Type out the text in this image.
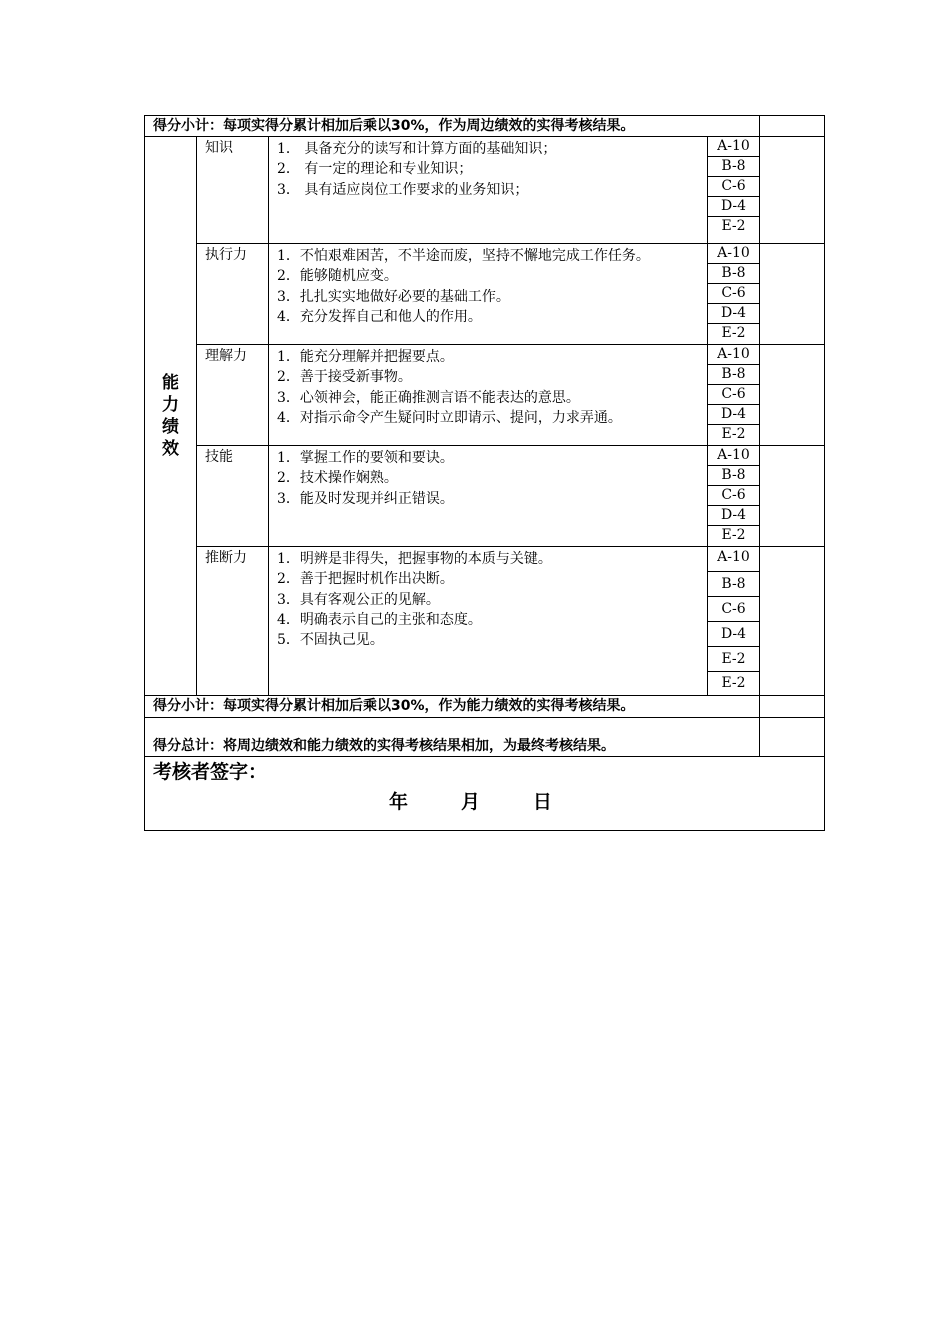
得分小计：每项实得分累计相加后乘以30%，作为周边绩效的实得考核结果。
能力绩效
知识	1． 具备充分的读写和计算方面的基础知识；
2． 有一定的理论和专业知识；
3． 具有适应岗位工作要求的业务知识；
A-10
B-8
C-6
D-4
E-2
执行力	1．不怕艰难困苦，不半途而废，坚持不懈地完成工作任务。
2．能够随机应变。
3．扎扎实实地做好必要的基础工作。
4．充分发挥自己和他人的作用。
A-10
B-8
C-6
D-4
E-2
理解力	1．能充分理解并把握要点。
2．善于接受新事物。
3．心领神会，能正确推测言语不能表达的意思。
4．对指示命令产生疑问时立即请示、提问，力求弄通。
A-10
B-8
C-6
D-4
E-2
技能	1．掌握工作的要领和要诀。
2．技术操作娴熟。
3．能及时发现并纠正错误。
A-10
B-8
C-6
D-4
E-2
推断力	1．明辨是非得失，把握事物的本质与关键。
2．善于把握时机作出决断。
3．具有客观公正的见解。
4．明确表示自己的主张和态度。
5．不固执己见。
A-10
B-8
C-6
D-4
E-2
E-2
得分小计：每项实得分累计相加后乘以30%，作为能力绩效的实得考核结果。
得分总计：将周边绩效和能力绩效的实得考核结果相加，为最终考核结果。
考核者签字：
年	月	日
